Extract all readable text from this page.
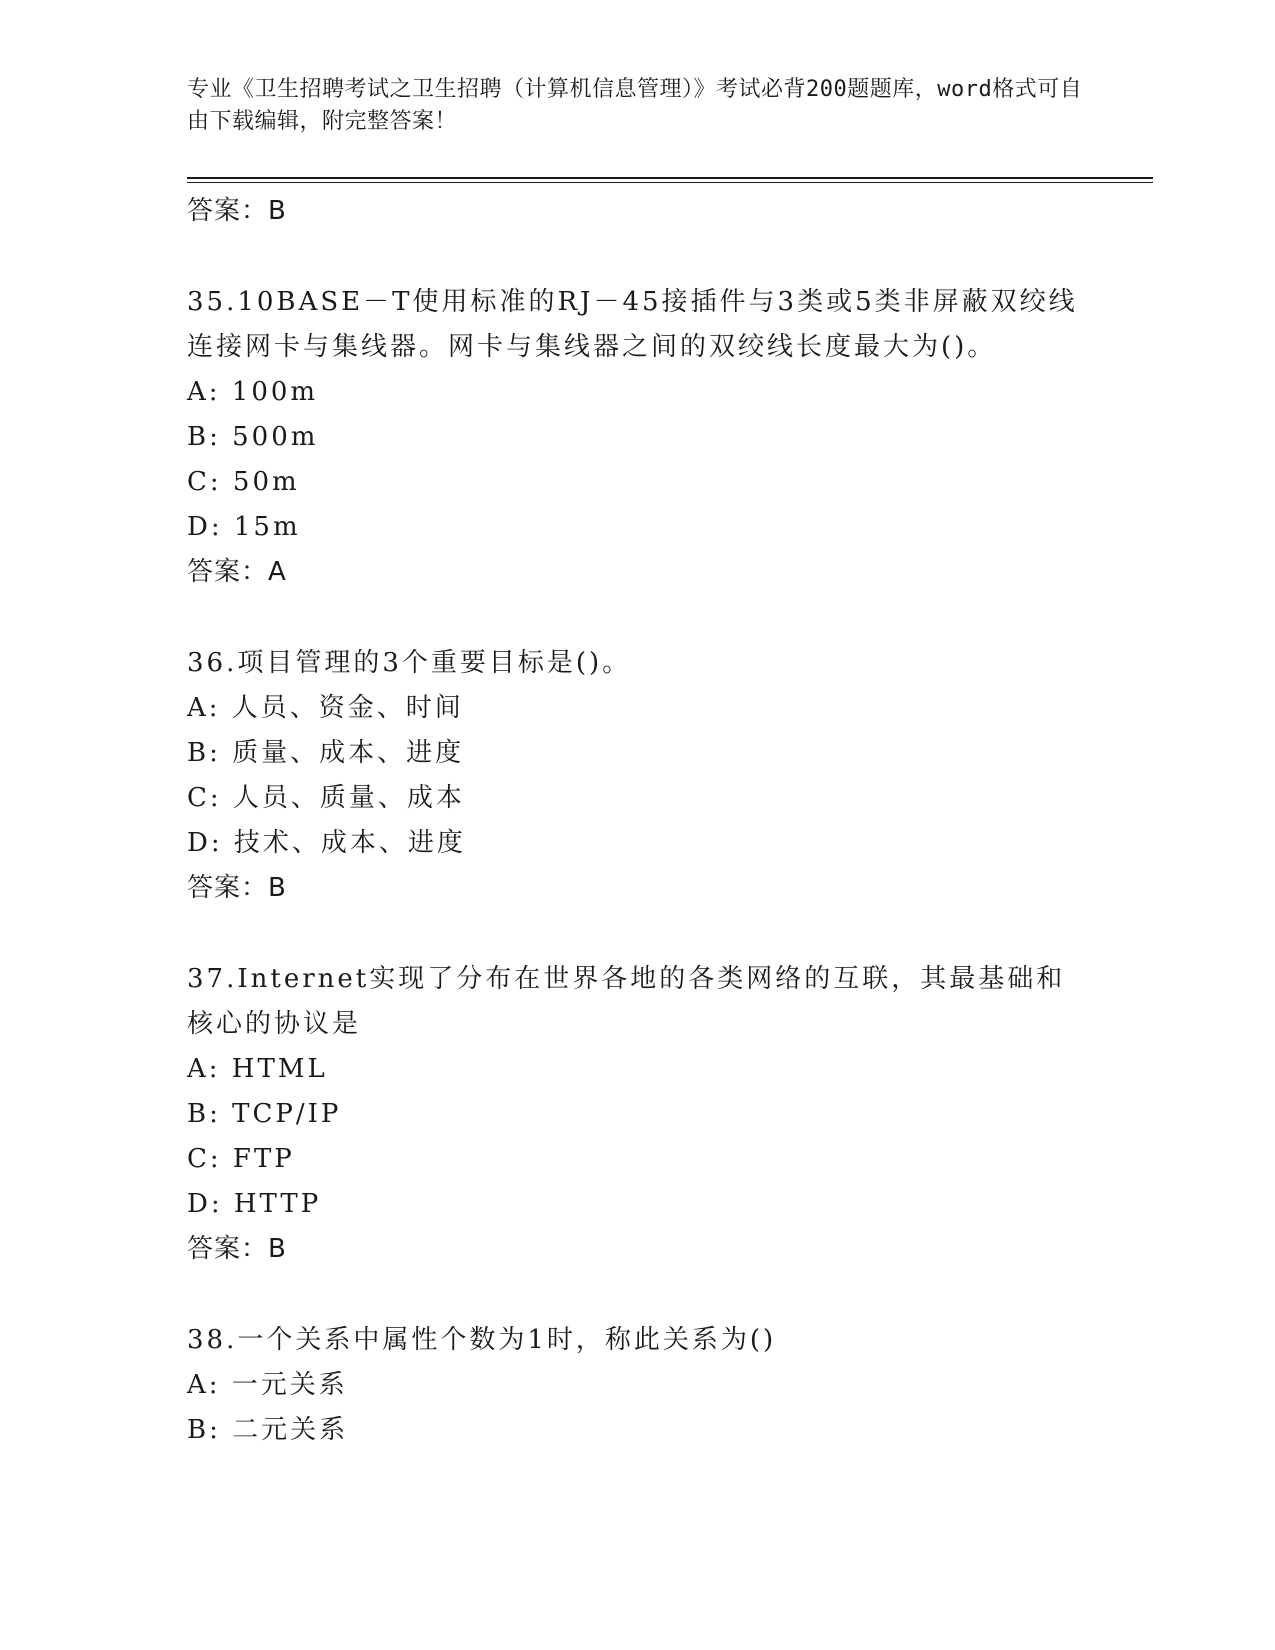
专业《卫生招聘考试之卫生招聘（计算机信息管理）》考试必背200题题库，word格式可自由下载编辑，附完整答案！
答案：B
35.10BASE－T使用标准的RJ－45接插件与3类或5类非屏蔽双绞线连接网卡与集线器。网卡与集线器之间的双绞线长度最大为()。
A: 100m
B: 500m
C: 50m
D: 15m
答案：A
36.项目管理的3个重要目标是()。
A: 人员、资金、时间
B: 质量、成本、进度
C: 人员、质量、成本
D: 技术、成本、进度
答案：B
37.Internet实现了分布在世界各地的各类网络的互联，其最基础和核心的协议是
A: HTML
B: TCP/IP
C: FTP
D: HTTP
答案：B
38.一个关系中属性个数为1时，称此关系为()
A: 一元关系
B: 二元关系
